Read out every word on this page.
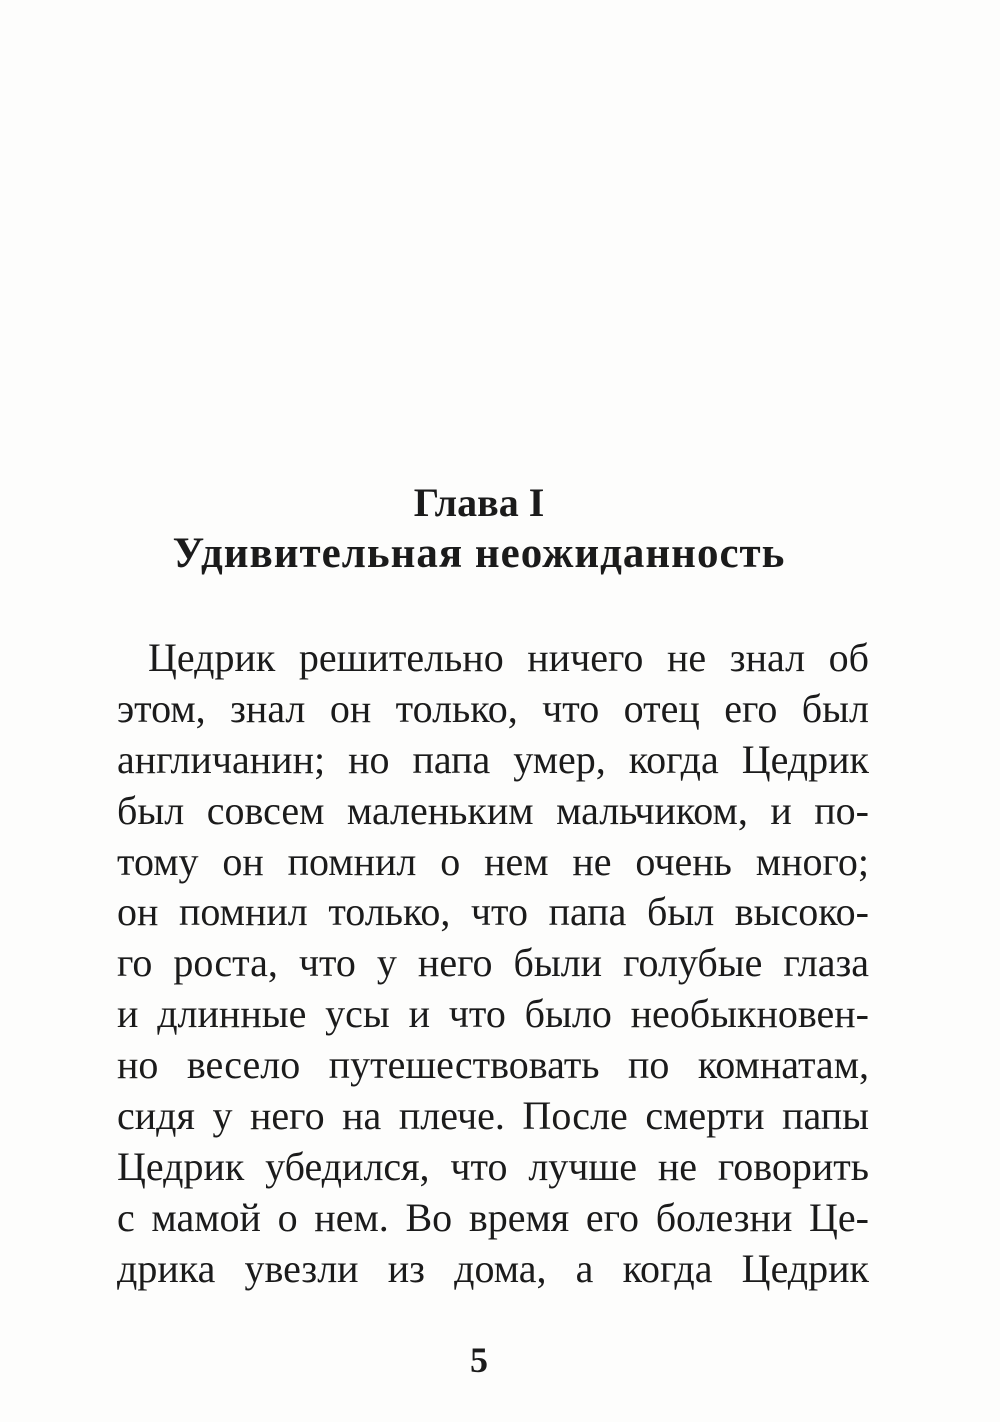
Глава I
Удивительная неожиданность
Цедрик решительно ничего не знал об
этом, знал он только, что отец его был
англичанин; но папа умер, когда Цедрик
был совсем маленьким мальчиком, и по-
тому он помнил о нем не очень много;
он помнил только, что папа был высоко-
го роста, что у него были голубые глаза
и длинные усы и что было необыкновен-
но весело путешествовать по комнатам,
сидя у него на плече. После смерти папы
Цедрик убедился, что лучше не говорить
с мамой о нем. Во время его болезни Це-
дрика увезли из дома, а когда Цедрик
5
